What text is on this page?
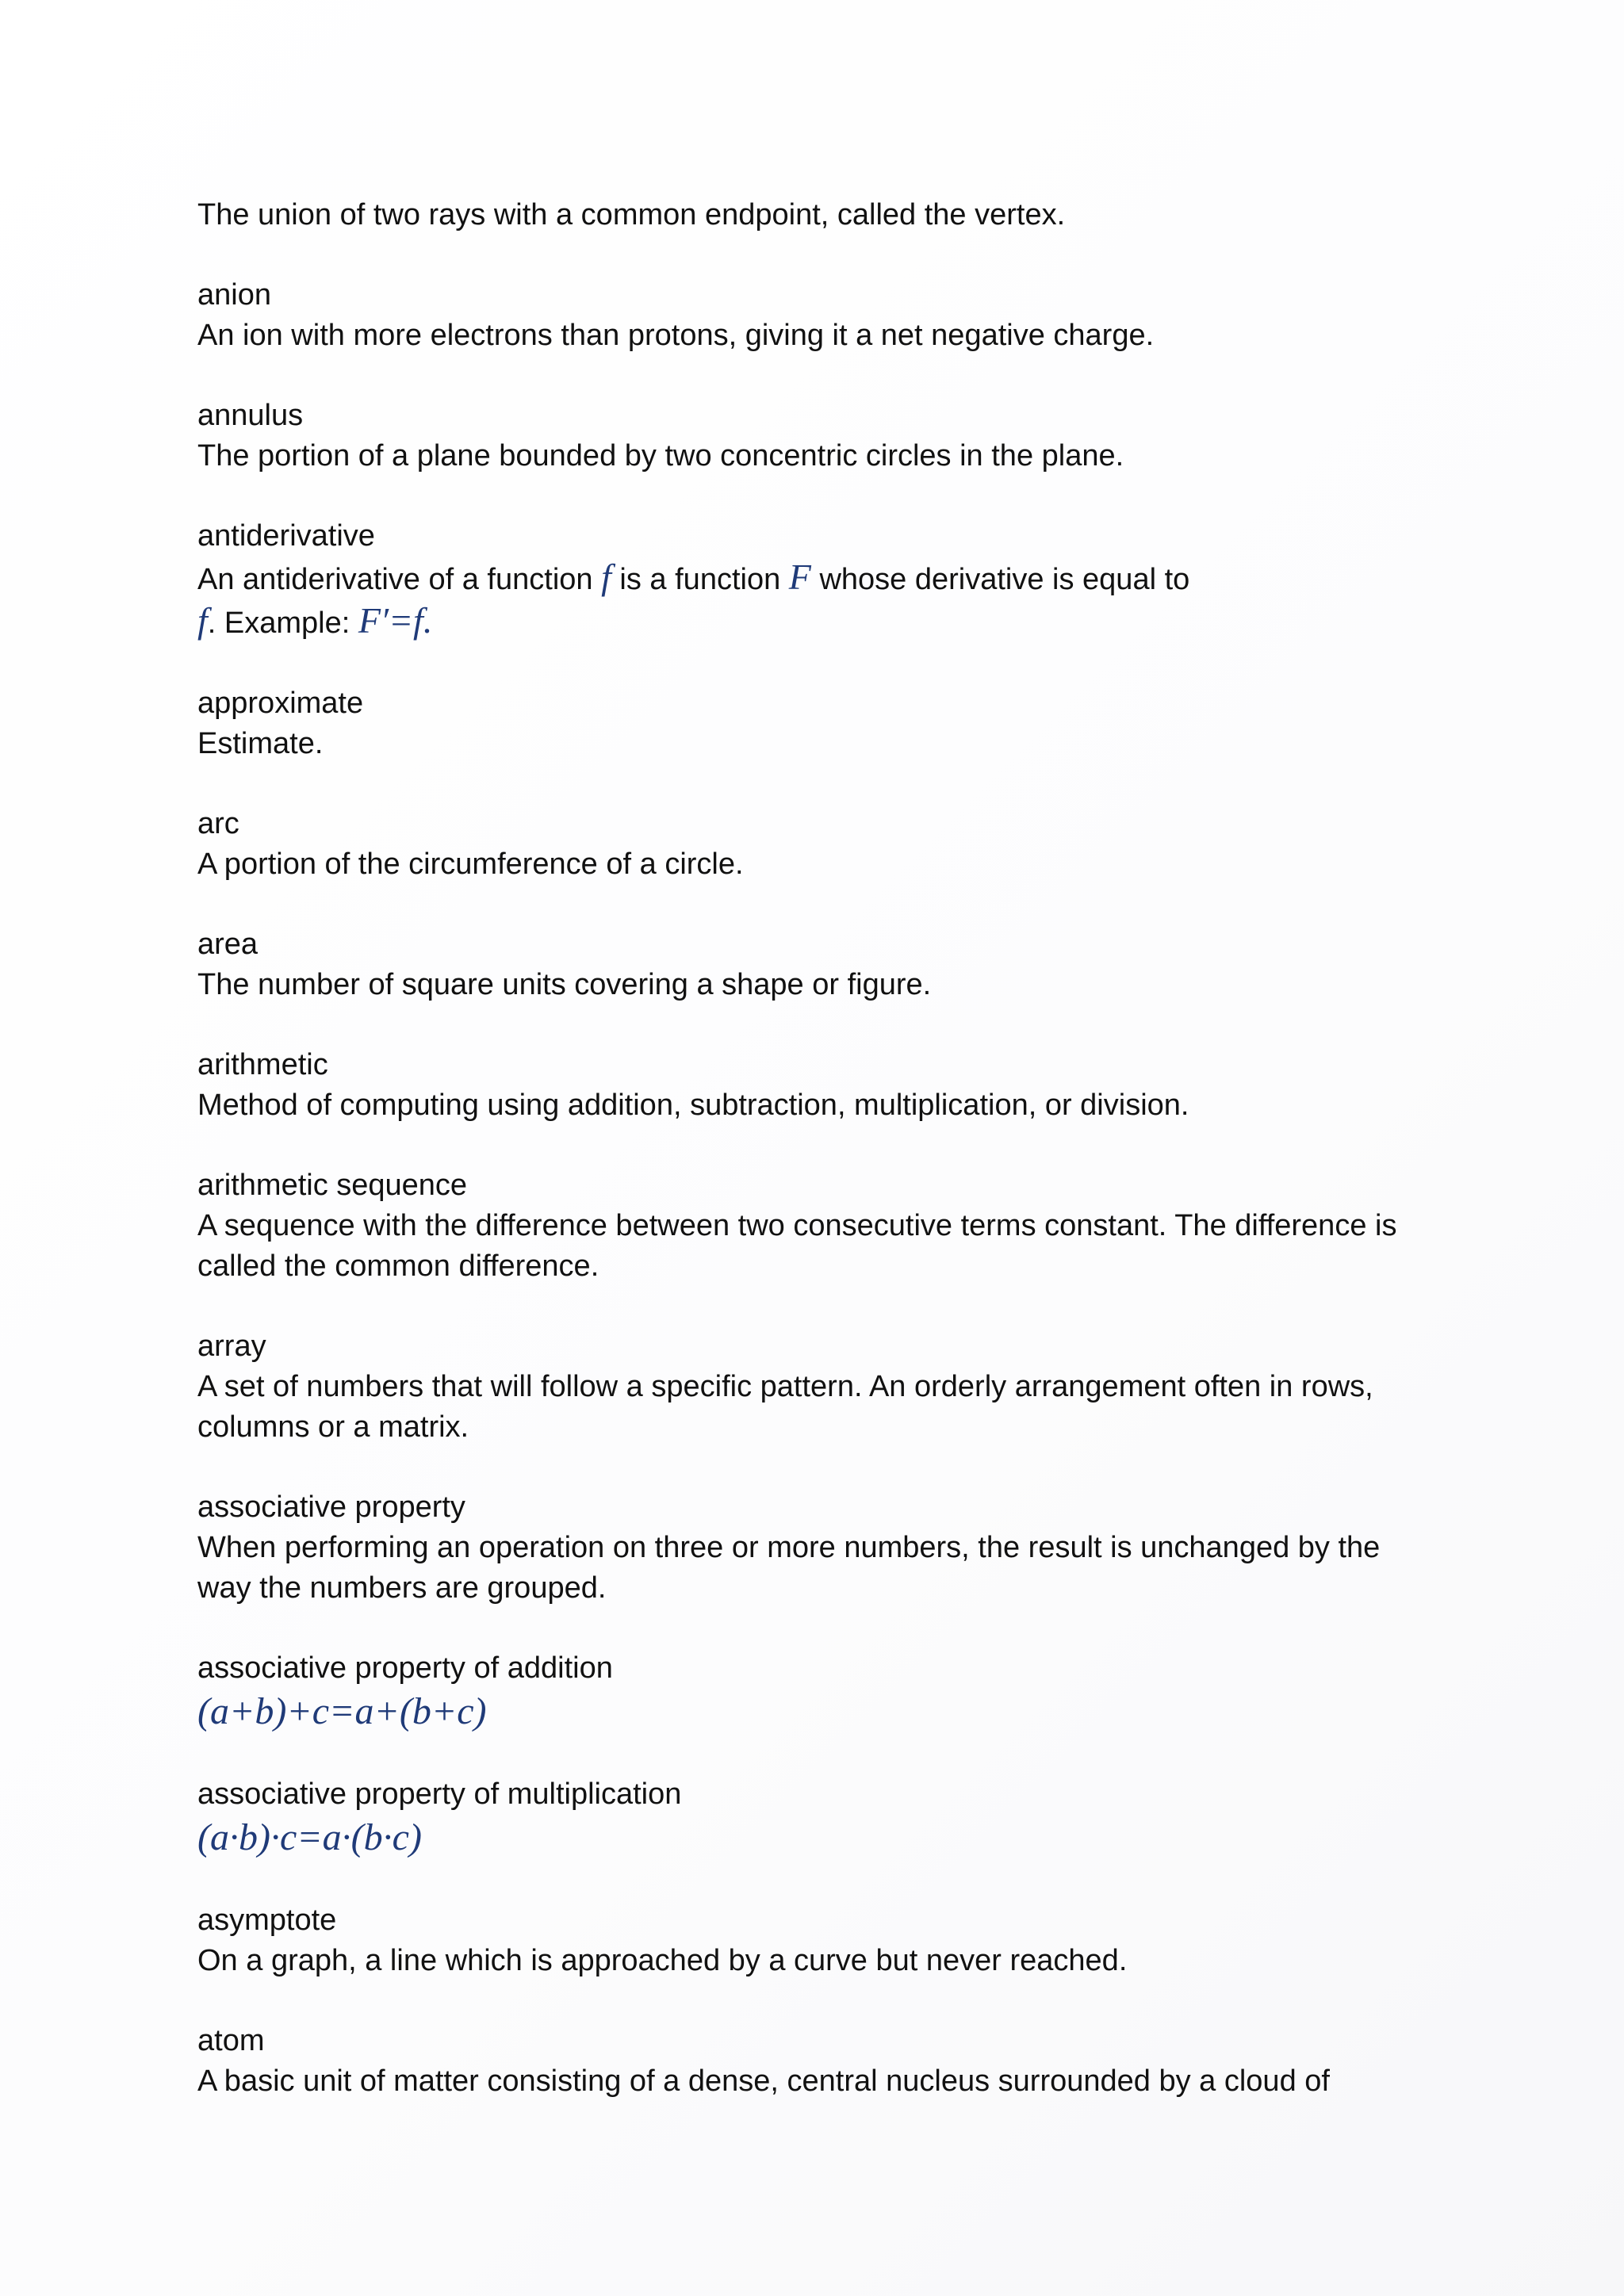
The union of two rays with a common endpoint, called the vertex.

anion

An ion with more electrons than protons, giving it a net negative charge.

annulus

The portion of a plane bounded by two concentric circles in the plane.

antiderivative

An antiderivative of a function f is a function F whose derivative is equal to f. Example: F′=f.

approximate

Estimate.

arc

A portion of the circumference of a circle.

area

The number of square units covering a shape or figure.

arithmetic

Method of computing using addition, subtraction, multiplication, or division.

arithmetic sequence

A sequence with the difference between two consecutive terms constant. The difference is called the common difference.

array

A set of numbers that will follow a specific pattern. An orderly arrangement often in rows, columns or a matrix.

associative property

When performing an operation on three or more numbers, the result is unchanged by the way the numbers are grouped.

associative property of addition

(a+b)+c=a+(b+c)

associative property of multiplication

(a·b)·c=a·(b·c)

asymptote

On a graph, a line which is approached by a curve but never reached.

atom

A basic unit of matter consisting of a dense, central nucleus surrounded by a cloud of
